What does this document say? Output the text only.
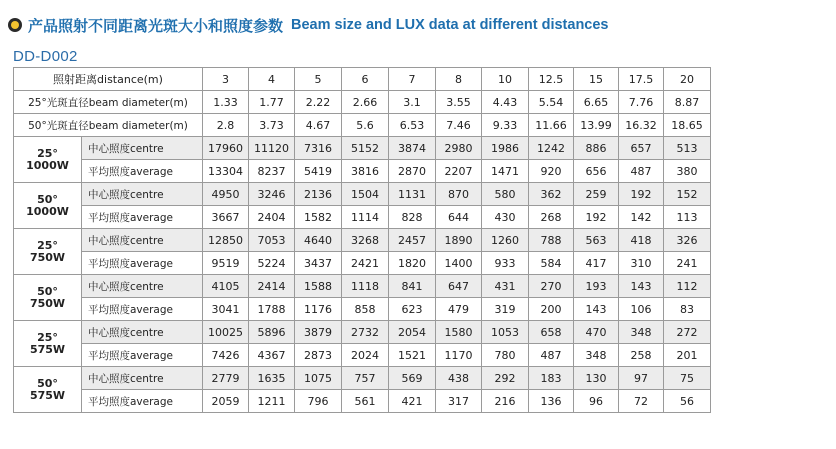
产品照射不同距离光斑大小和照度参数 Beam size and LUX data at different distances
DD-D002
照射距离distance(m)		3	4	5	6	7	8	10	12.5	15	17.5	20
25°光斑直径beam diameter(m)		1.33	1.77	2.22	2.66	3.1	3.55	4.43	5.54	6.65	7.76	8.87
50°光斑直径beam diameter(m)		2.8	3.73	4.67	5.6	6.53	7.46	9.33	11.66	13.99	16.32	18.65

25°
1000W	中心照度centre	17960	11120	7316	5152	3874	2980	1986	1242	886	657	513
	平均照度average	13304	8237	5419	3816	2870	2207	1471	920	656	487	380

50°
1000W	中心照度centre	4950	3246	2136	1504	1131	870	580	362	259	192	152
	平均照度average	3667	2404	1582	1114	828	644	430	268	192	142	113

25°
750W	中心照度centre	12850	7053	4640	3268	2457	1890	1260	788	563	418	326
	平均照度average	9519	5224	3437	2421	1820	1400	933	584	417	310	241

50°
750W	中心照度centre	4105	2414	1588	1118	841	647	431	270	193	143	112
	平均照度average	3041	1788	1176	858	623	479	319	200	143	106	83

25°
575W	中心照度centre	10025	5896	3879	2732	2054	1580	1053	658	470	348	272
	平均照度average	7426	4367	2873	2024	1521	1170	780	487	348	258	201

50°
575W	中心照度centre	2779	1635	1075	757	569	438	292	183	130	97	75
	平均照度average	2059	1211	796	561	421	317	216	136	96	72	56
